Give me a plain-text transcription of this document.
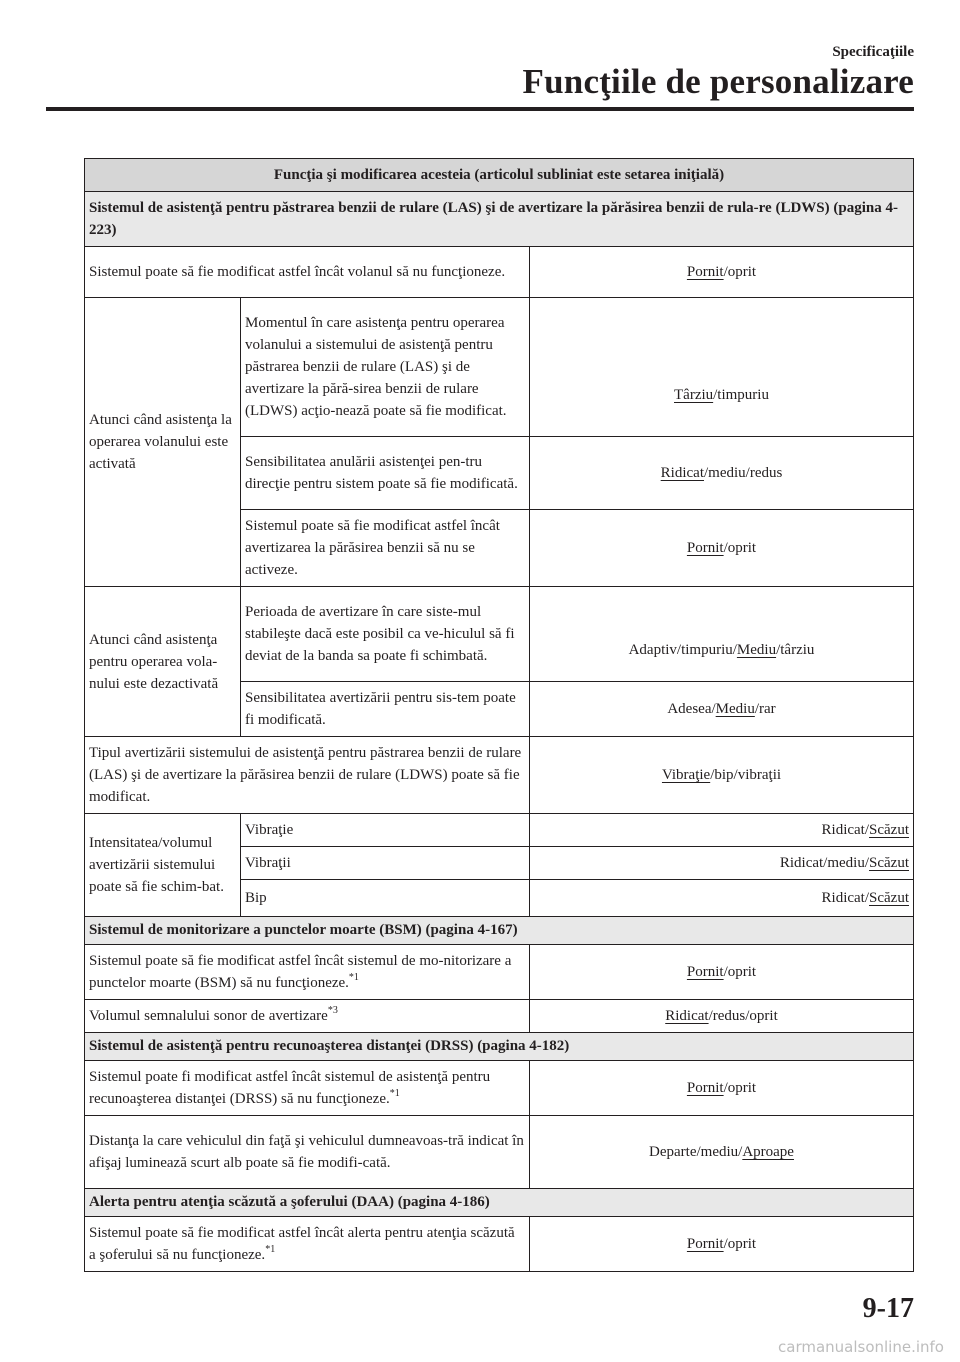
Specificaţiile
Funcţiile de personalizare
Funcţia şi modificarea acesteia (articolul subliniat este setarea iniţială)		
Sistemul de asistenţă pentru păstrarea benzii de rulare (LAS) şi de avertizare la părăsirea benzii de rula-re (LDWS) (pagina 4-223)		
Sistemul poate să fie modificat astfel încât volanul să nu funcţioneze.		Pornit/oprit
Atunci când asistenţa la operarea volanului este activată	Momentul în care asistenţa pentru operarea volanului a sistemului de asistenţă pentru păstrarea benzii de rulare (LAS) şi de avertizare la pără-sirea benzii de rulare (LDWS) acţio-nează poate să fie modificat.	Târziu/timpuriu
	Sensibilitatea anulării asistenţei pen-tru direcţie pentru sistem poate să fie modificată.	Ridicat/mediu/redus
	Sistemul poate să fie modificat astfel încât avertizarea la părăsirea benzii să nu se activeze.	Pornit/oprit
Atunci când asistenţa pentru operarea vola-nului este dezactivată	Perioada de avertizare în care siste-mul stabileşte dacă este posibil ca ve-hiculul să fi deviat de la banda sa poate fi schimbată.	Adaptiv/timpuriu/Mediu/târziu
	Sensibilitatea avertizării pentru sis-tem poate fi modificată.	Adesea/Mediu/rar
Tipul avertizării sistemului de asistenţă pentru păstrarea benzii de rulare (LAS) şi de avertizare la părăsirea benzii de rulare (LDWS) poate să fie modificat.		Vibraţie/bip/vibraţii
Intensitatea/volumul avertizării sistemului poate să fie schim-bat.	Vibraţie	Ridicat/Scăzut
	Vibraţii	Ridicat/mediu/Scăzut
	Bip	Ridicat/Scăzut
Sistemul de monitorizare a punctelor moarte (BSM) (pagina 4-167)		
Sistemul poate să fie modificat astfel încât sistemul de mo-nitorizare a punctelor moarte (BSM) să nu funcţioneze.$^{*1}$		Pornit/oprit
Volumul semnalului sonor de avertizare$^{*3}$		Ridicat/redus/oprit
Sistemul de asistenţă pentru recunoaşterea distanţei (DRSS) (pagina 4-182)		
Sistemul poate fi modificat astfel încât sistemul de asistenţă pentru recunoaşterea distanţei (DRSS) să nu funcţioneze.$^{*1}$		Pornit/oprit
Distanţa la care vehiculul din faţă şi vehiculul dumneavoas-tră indicat în afişaj luminează scurt alb poate să fie modifi-cată.		Departe/mediu/Aproape
Alerta pentru atenţia scăzută a şoferului (DAA) (pagina 4-186)		
Sistemul poate să fie modificat astfel încât alerta pentru atenţia scăzută a şoferului să nu funcţioneze.$^{*1}$		Pornit/oprit
9-17
carmanualsonline.info
